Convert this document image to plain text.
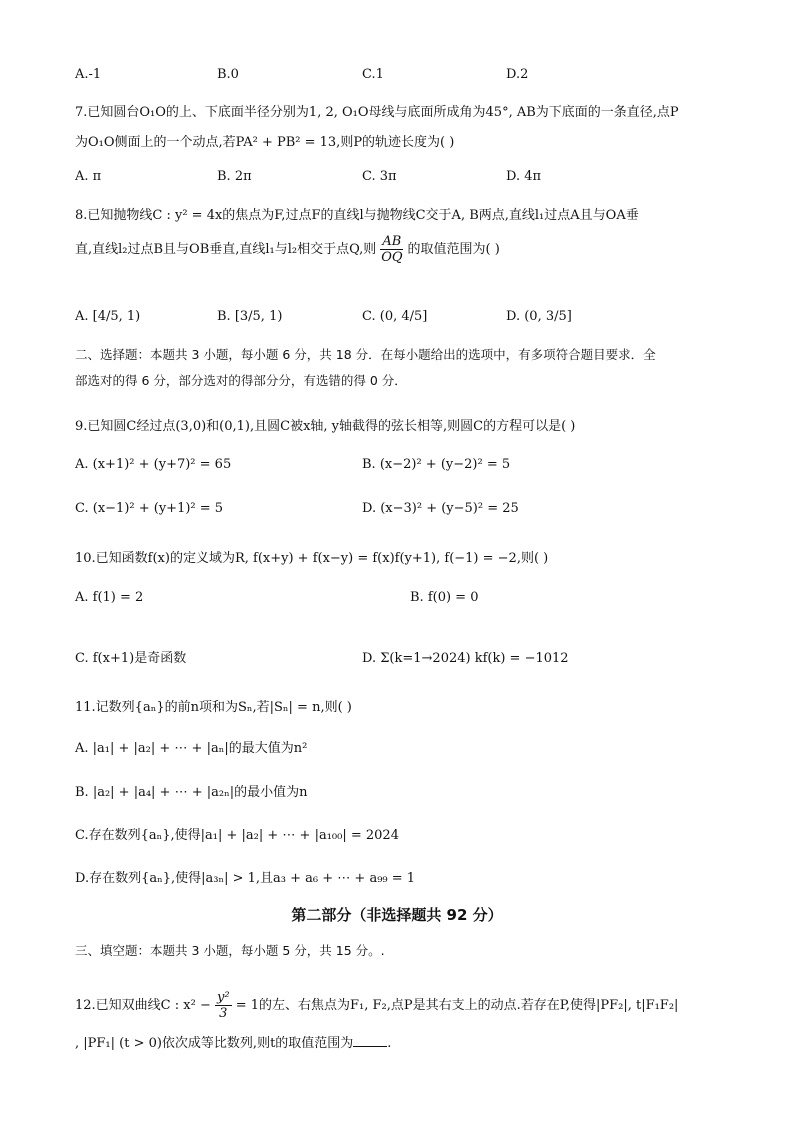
A.-1	B.0	C.1	D.2
7.已知圆台O₁O的上、下底面半径分别为1, 2, O₁O母线与底面所成角为45°, AB为下底面的一条直径,点P
为O₁O侧面上的一个动点,若PA² + PB² = 13,则P的轨迹长度为( )
A. π	B. 2π	C. 3π	D. 4π
8.已知抛物线C : y² = 4x的焦点为F,过点F的直线l与抛物线C交于A, B两点,直线l₁过点A且与OA垂
直,直线l₂过点B且与OB垂直,直线l₁与l₂相交于点Q,则 $\frac{AB}{OQ}$ 的取值范围为( )
A. [4/5, 1)	B. [3/5, 1)	C. (0, 4/5]	D. (0, 3/5]
二、选择题：本题共 3 小题，每小题 6 分，共 18 分．在每小题给出的选项中，有多项符合题目要求．全
部选对的得 6 分，部分选对的得部分分，有选错的得 0 分．
9.已知圆C经过点(3,0)和(0,1),且圆C被x轴, y轴截得的弦长相等,则圆C的方程可以是( )
A. (x+1)² + (y+7)² = 65	B. (x−2)² + (y−2)² = 5
C. (x−1)² + (y+1)² = 5	D. (x−3)² + (y−5)² = 25
10.已知函数f(x)的定义域为R, f(x+y) + f(x−y) = f(x)f(y+1), f(−1) = −2,则( )
A. f(1) = 2	B. f(0) = 0
C. f(x+1)是奇函数	D. Σ(k=1→2024) kf(k) = −1012
11.记数列{aₙ}的前n项和为Sₙ,若|Sₙ| = n,则( )
A. |a₁| + |a₂| + ⋯ + |aₙ|的最大值为n²
B. |a₂| + |a₄| + ⋯ + |a₂ₙ|的最小值为n
C.存在数列{aₙ},使得|a₁| + |a₂| + ⋯ + |a₁₀₀| = 2024
D.存在数列{aₙ},使得|a₃ₙ| > 1,且a₃ + a₆ + ⋯ + a₉₉ = 1
第二部分（非选择题共 92 分）
三、填空题：本题共 3 小题，每小题 5 分，共 15 分。.
12.已知双曲线C : $x^2 - \frac{\text{y²}}{3} = 1$的左、右焦点为F₁, F₂,点P是其右支上的动点.若存在P,使得|PF₂|, t|F₁F₂|
, |PF₁| (t > 0)依次成等比数列,则t的取值范围为	.
